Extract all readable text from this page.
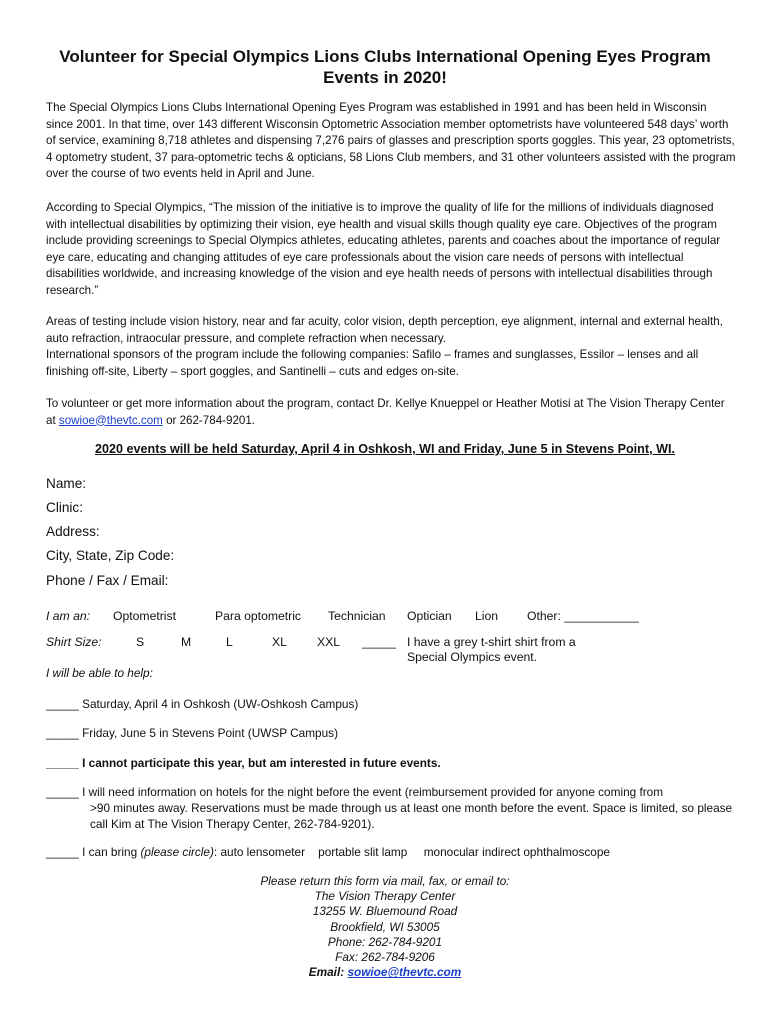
Volunteer for Special Olympics Lions Clubs International Opening Eyes Program Events in 2020!
The Special Olympics Lions Clubs International Opening Eyes Program was established in 1991 and has been held in Wisconsin since 2001. In that time, over 143 different Wisconsin Optometric Association member optometrists have volunteered 548 days’ worth of service, examining 8,718 athletes and dispensing 7,276 pairs of glasses and prescription sports goggles. This year, 23 optometrists, 4 optometry student, 37 para-optometric techs & opticians, 58 Lions Club members, and 31 other volunteers assisted with the program over the course of two events held in April and June.
According to Special Olympics, “The mission of the initiative is to improve the quality of life for the millions of individuals diagnosed with intellectual disabilities by optimizing their vision, eye health and visual skills though quality eye care. Objectives of the program include providing screenings to Special Olympics athletes, educating athletes, parents and coaches about the importance of regular eye care, educating and changing attitudes of eye care professionals about the vision care needs of persons with intellectual disabilities worldwide, and increasing knowledge of the vision and eye health needs of persons with intellectual disabilities through research.”
Areas of testing include vision history, near and far acuity, color vision, depth perception, eye alignment, internal and external health, auto refraction, intraocular pressure, and complete refraction when necessary.
International sponsors of the program include the following companies: Safilo – frames and sunglasses, Essilor – lenses and all finishing off-site, Liberty – sport goggles, and Santinelli – cuts and edges on-site.
To volunteer or get more information about the program, contact Dr. Kellye Knueppel or Heather Motisi at The Vision Therapy Center at sowioe@thevtc.com or 262-784-9201.
2020 events will be held Saturday, April 4 in Oshkosh, WI and Friday, June 5 in Stevens Point, WI.
Name:
Clinic:
Address:
City, State, Zip Code:
Phone / Fax / Email:
I am an: Optometrist	Para optometric Technician Optician Lion Other: ___________
Shirt Size:	S	M	L	XL XXL _____ I have a grey t-shirt shirt from a Special Olympics event.
I will be able to help:
_____ Saturday, April 4 in Oshkosh (UW-Oshkosh Campus)
_____ Friday, June 5 in Stevens Point (UWSP Campus)
_____ I cannot participate this year, but am interested in future events.
_____ I will need information on hotels for the night before the event (reimbursement provided for anyone coming from
>90 minutes away. Reservations must be made through us at least one month before the event. Space is limited, so please call Kim at The Vision Therapy Center, 262-784-9201).
_____ I can bring (please circle): auto lensometer    portable slit lamp     monocular indirect ophthalmoscope
Please return this form via mail, fax, or email to:
The Vision Therapy Center
13255 W. Bluemound Road
Brookfield, WI 53005
Phone: 262-784-9201
Fax: 262-784-9206
Email: sowioe@thevtc.com
